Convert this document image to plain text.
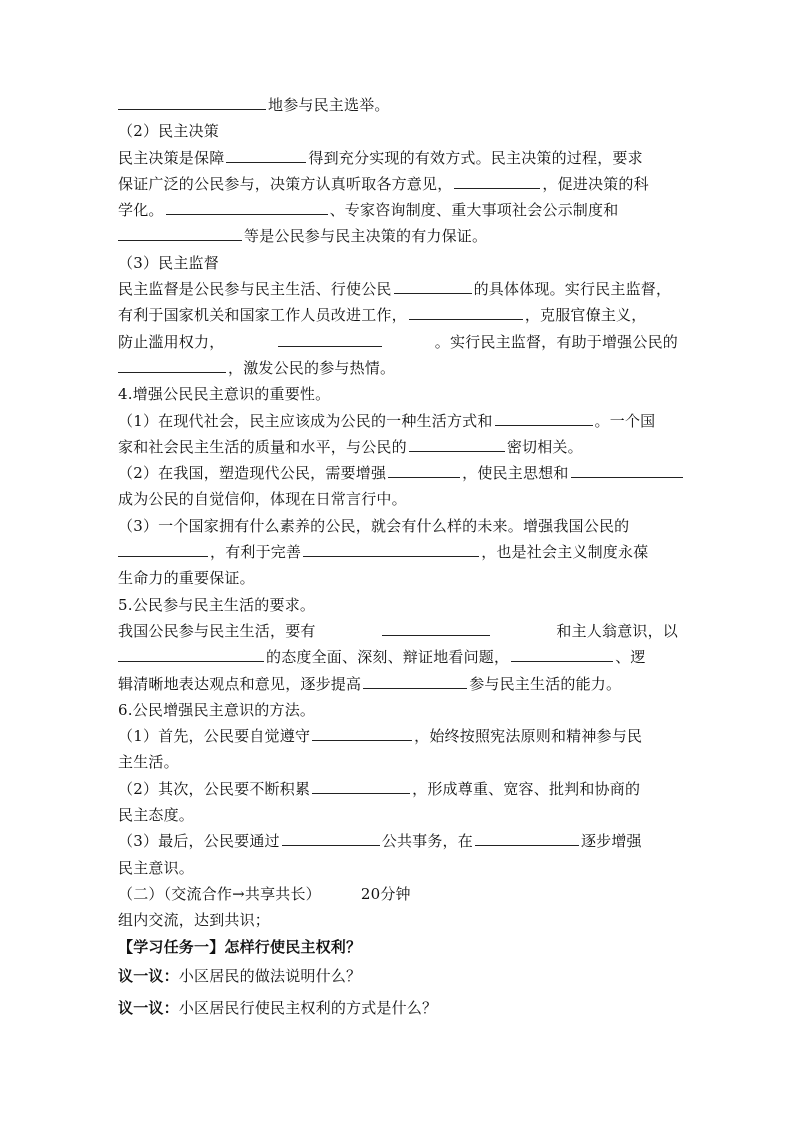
地参与民主选举。
（2）民主决策
民主决策是保障	得到充分实现的有效方式。民主决策的过程，要求
保证广泛的公民参与，决策方认真听取各方意见，	，促进决策的科
学化。	、专家咨询制度、重大事项社会公示制度和
等是公民参与民主决策的有力保证。
（3）民主监督
民主监督是公民参与民主生活、行使公民	的具体体现。实行民主监督，
有利于国家机关和国家工作人员改进工作，	，克服官僚主义，
防止滥用权力，	。实行民主监督，有助于增强公民的
，激发公民的参与热情。
4.增强公民民主意识的重要性。
（1）在现代社会，民主应该成为公民的一种生活方式和	。一个国
家和社会民主生活的质量和水平，与公民的	密切相关。
（2）在我国，塑造现代公民，需要增强	，使民主思想和
成为公民的自觉信仰，体现在日常言行中。
（3）一个国家拥有什么素养的公民，就会有什么样的未来。增强我国公民的
，有利于完善	，也是社会主义制度永葆
生命力的重要保证。
5.公民参与民主生活的要求。
我国公民参与民主生活，要有	和主人翁意识，以
的态度全面、深刻、辩证地看问题，	、逻
辑清晰地表达观点和意见，逐步提高	参与民主生活的能力。
6.公民增强民主意识的方法。
（1）首先，公民要自觉遵守	，始终按照宪法原则和精神参与民
主生活。
（2）其次，公民要不断积累	，形成尊重、宽容、批判和协商的
民主态度。
（3）最后，公民要通过	公共事务，在	逐步增强
民主意识。
（二）（交流合作→共享共长）	20分钟
组内交流，达到共识；
【学习任务一】怎样行使民主权利？
议一议：小区居民的做法说明什么？
议一议：小区居民行使民主权利的方式是什么？
